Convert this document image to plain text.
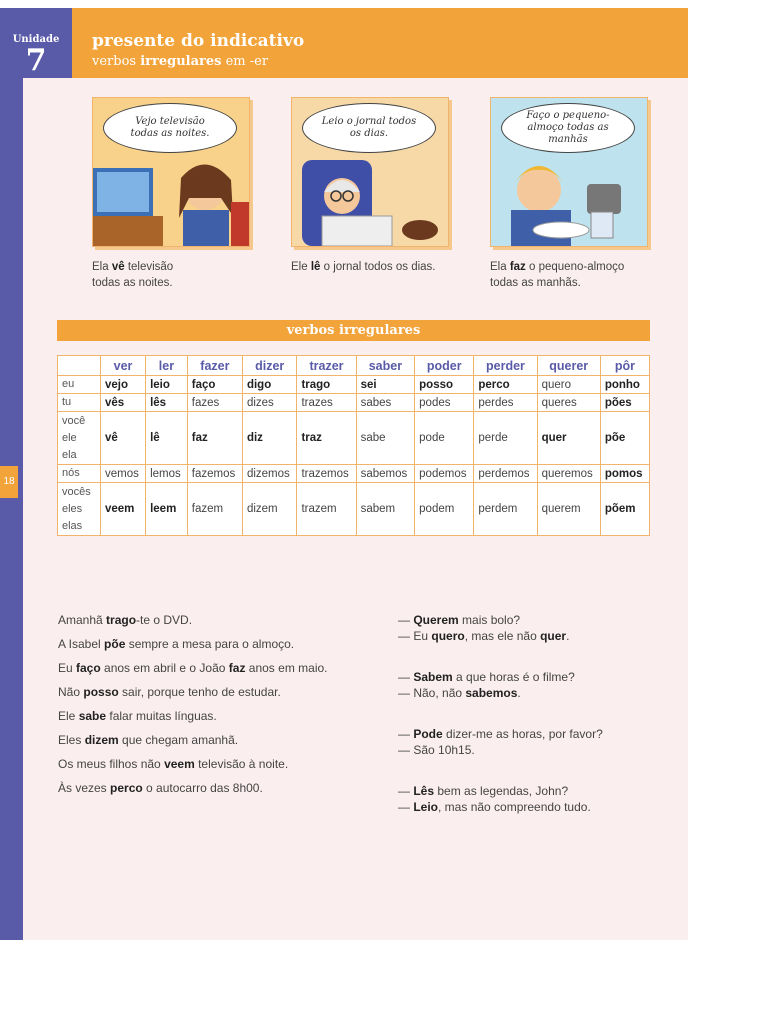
18
Unidade
7
presente do indicativo
verbos irregulares em -er
Vejo televisão todas as noites.
Ela vê televisão
todas as noites.
Leio o jornal todos os dias.
Ele lê o jornal todos os dias.
Faço o pequeno-almoço todas as manhãs
Ela faz o pequeno-almoço
todas as manhãs.
verbos irregulares
	ver	ler	fazer	dizer	trazer	saber	poder	perder	querer	pôr
eu	vejo	leio	faço	digo	trago	sei	posso	perco	quero	ponho
tu	vês	lês	fazes	dizes	trazes	sabes	podes	perdes	queres	pões
você
ele
ela	vê	lê	faz	diz	traz	sabe	pode	perde	quer	põe
nós	vemos	lemos	fazemos	dizemos	trazemos	sabemos	podemos	perdemos	queremos	pomos
vocês
eles
elas	veem	leem	fazem	dizem	trazem	sabem	podem	perdem	querem	põem
Amanhã trago-te o DVD.
A Isabel põe sempre a mesa para o almoço.
Eu faço anos em abril e o João faz anos em maio.
Não posso sair, porque tenho de estudar.
Ele sabe falar muitas línguas.
Eles dizem que chegam amanhã.
Os meus filhos não veem televisão à noite.
Às vezes perco o autocarro das 8h00.
— Querem mais bolo?
— Eu quero, mas ele não quer.
— Sabem a que horas é o filme?
— Não, não sabemos.
— Pode dizer-me as horas, por favor?
— São 10h15.
— Lês bem as legendas, John?
— Leio, mas não compreendo tudo.
